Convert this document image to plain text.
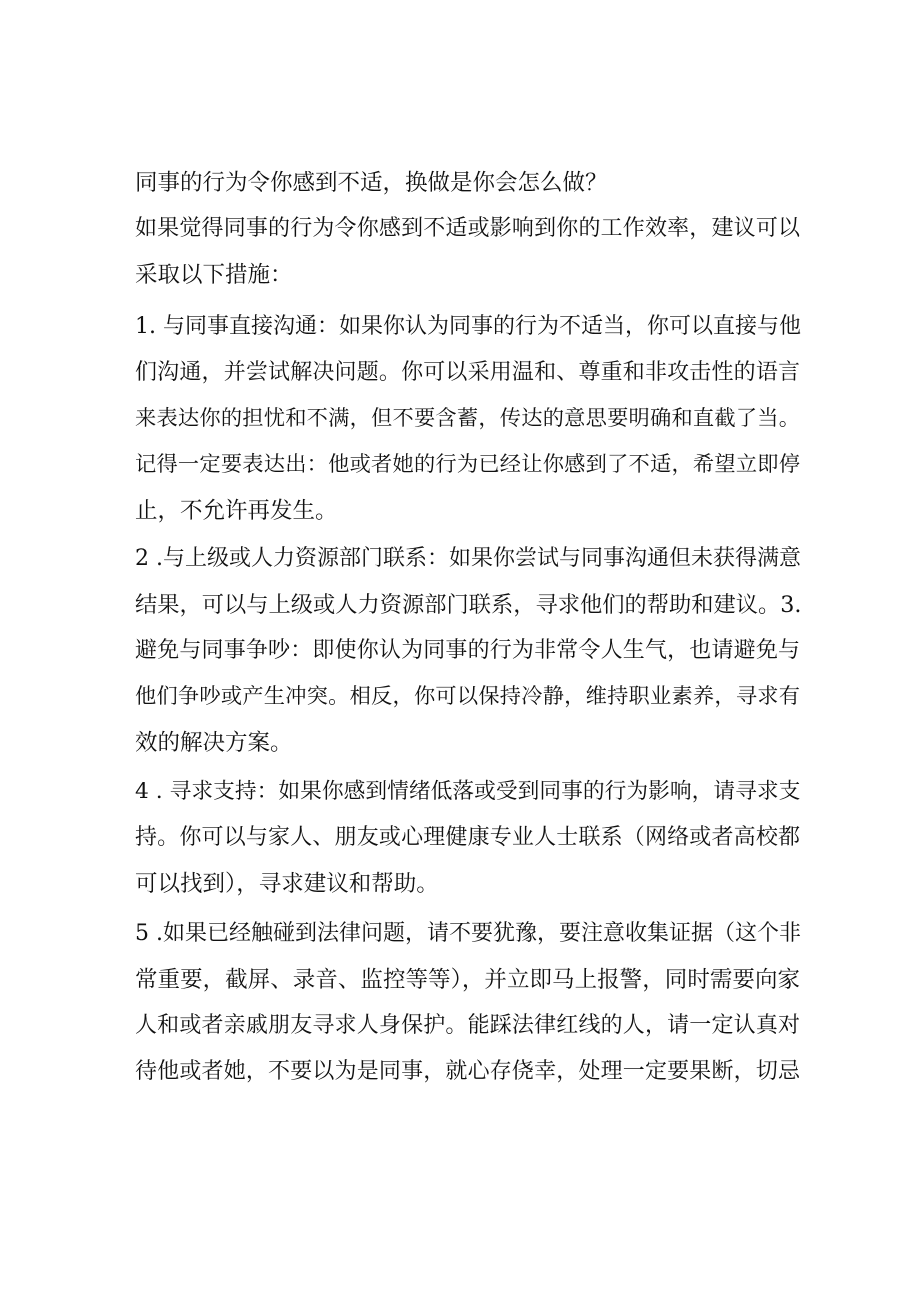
同事的行为令你感到不适，换做是你会怎么做？
如果觉得同事的行为令你感到不适或影响到你的工作效率，建议可以
采取以下措施：
1. 与同事直接沟通：如果你认为同事的行为不适当，你可以直接与他
们沟通，并尝试解决问题。你可以采用温和、尊重和非攻击性的语言
来表达你的担忧和不满，但不要含蓄，传达的意思要明确和直截了当。
记得一定要表达出：他或者她的行为已经让你感到了不适，希望立即停
止，不允许再发生。
2 .与上级或人力资源部门联系：如果你尝试与同事沟通但未获得满意
结果，可以与上级或人力资源部门联系，寻求他们的帮助和建议。3.
避免与同事争吵：即使你认为同事的行为非常令人生气，也请避免与
他们争吵或产生冲突。相反，你可以保持冷静，维持职业素养，寻求有
效的解决方案。
4 . 寻求支持：如果你感到情绪低落或受到同事的行为影响，请寻求支
持。你可以与家人、朋友或心理健康专业人士联系（网络或者高校都
可以找到），寻求建议和帮助。
5 .如果已经触碰到法律问题，请不要犹豫，要注意收集证据（这个非
常重要，截屏、录音、监控等等），并立即马上报警，同时需要向家
人和或者亲戚朋友寻求人身保护。能踩法律红线的人，请一定认真对
待他或者她，不要以为是同事，就心存侥幸，处理一定要果断，切忌
